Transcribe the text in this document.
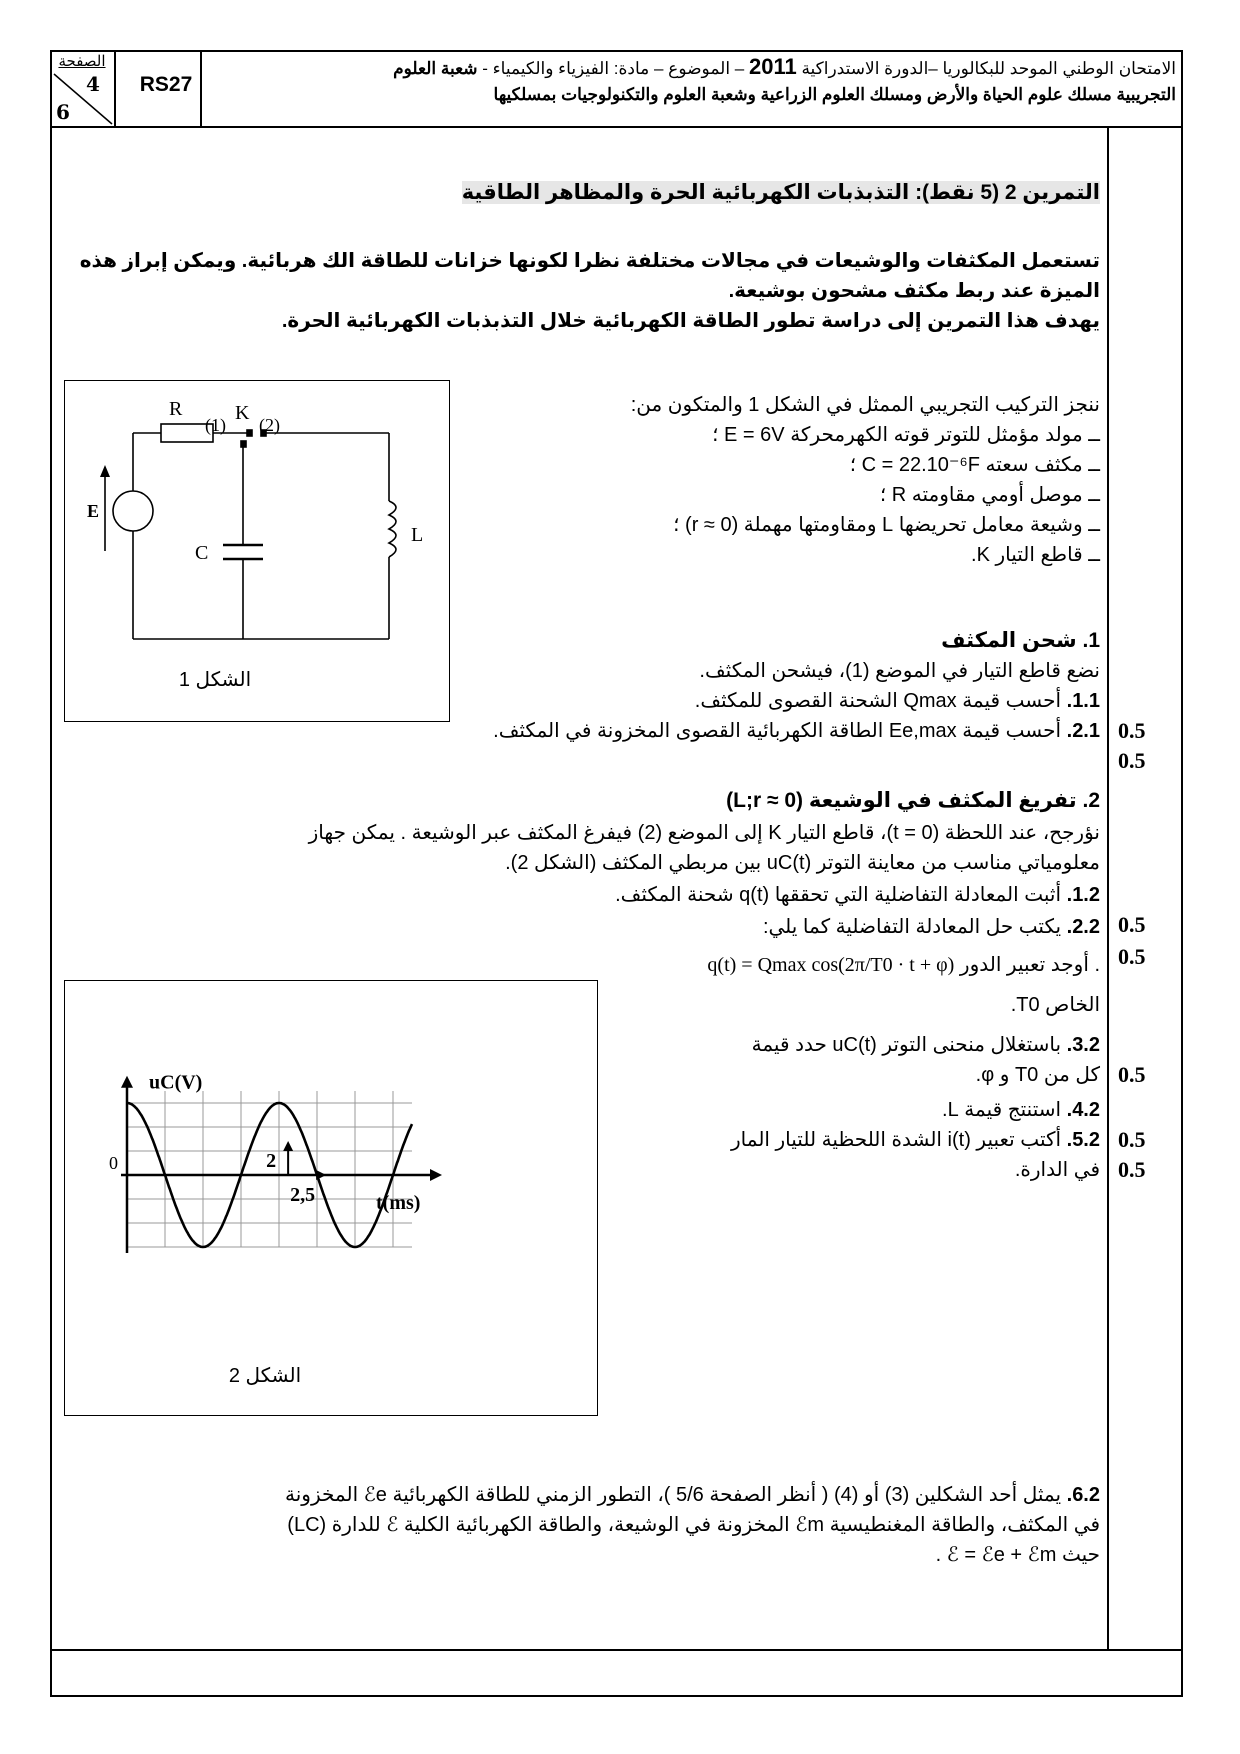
الصفحة
4
6
RS27
الامتحان الوطني الموحد للبكالوريا –الدورة الاستدراكية 2011 – الموضوع – مادة: الفيزياء والكيمياء - شعبة العلوم
التجريبية مسلك علوم الحياة والأرض ومسلك العلوم الزراعية وشعبة العلوم والتكنولوجيات بمسلكيها
التمرين 2 (5 نقط): التذبذبات الكهربائية الحرة والمظاهر الطاقية
تستعمل المكثفات والوشيعات في مجالات مختلفة نظرا لكونها خزانات للطاقة الك هربائية. ويمكن إبراز هذه
الميزة عند ربط مكثف مشحون بوشيعة.
يهدف هذا التمرين إلى دراسة تطور الطاقة الكهربائية خلال التذبذبات الكهربائية الحرة.
R
(1)
K
(2)
C
L
E
الشكل 1
ننجز التركيب التجريبي الممثل في الشكل 1 والمتكون من:
ــ مولد مؤمثل للتوتر قوته الكهرمحركة E = 6V ؛
ــ مكثف سعته C = 22.10⁻⁶F ؛
ــ موصل أومي مقاومته R ؛
ــ وشيعة معامل تحريضها L ومقاومتها مهملة (r ≈ 0) ؛
ــ قاطع التيار K.
1. شحن المكثف
نضع قاطع التيار في الموضع (1)، فيشحن المكثف.
1.1. أحسب قيمة Qmax الشحنة القصوى للمكثف.
2.1. أحسب قيمة Ee,max الطاقة الكهربائية القصوى المخزونة في المكثف.
2. تفريغ المكثف في الوشيعة (L;r ≈ 0)
نؤرجح، عند اللحظة (t = 0)، قاطع التيار K إلى الموضع (2) فيفرغ المكثف عبر الوشيعة . يمكن جهاز
معلومياتي مناسب من معاينة التوتر uC(t) بين مربطي المكثف (الشكل 2).
1.2. أثبت المعادلة التفاضلية التي تحققها q(t) شحنة المكثف.
2.2. يكتب حل المعادلة التفاضلية كما يلي:
. أوجد تعبير الدور q(t) = Qmax cos(2π/T0 · t + φ)
الخاص T0.
3.2. باستغلال منحنى التوتر uC(t) حدد قيمة
كل من T0 و φ.
4.2. استنتج قيمة L.
5.2. أكتب تعبير i(t) الشدة اللحظية للتيار المار
في الدارة.
2
2,5
uC(V)
t(ms)
0
الشكل 2
6.2. يمثل أحد الشكلين (3) أو (4) ( أنظر الصفحة 5/6 )، التطور الزمني للطاقة الكهربائية ℰe المخزونة
في المكثف، والطاقة المغنطيسية ℰm المخزونة في الوشيعة، والطاقة الكهربائية الكلية ℰ للدارة (LC)
حيث ℰ = ℰe + ℰm .
0.5
0.5
0.5
0.5
0.5
0.5
0.5
